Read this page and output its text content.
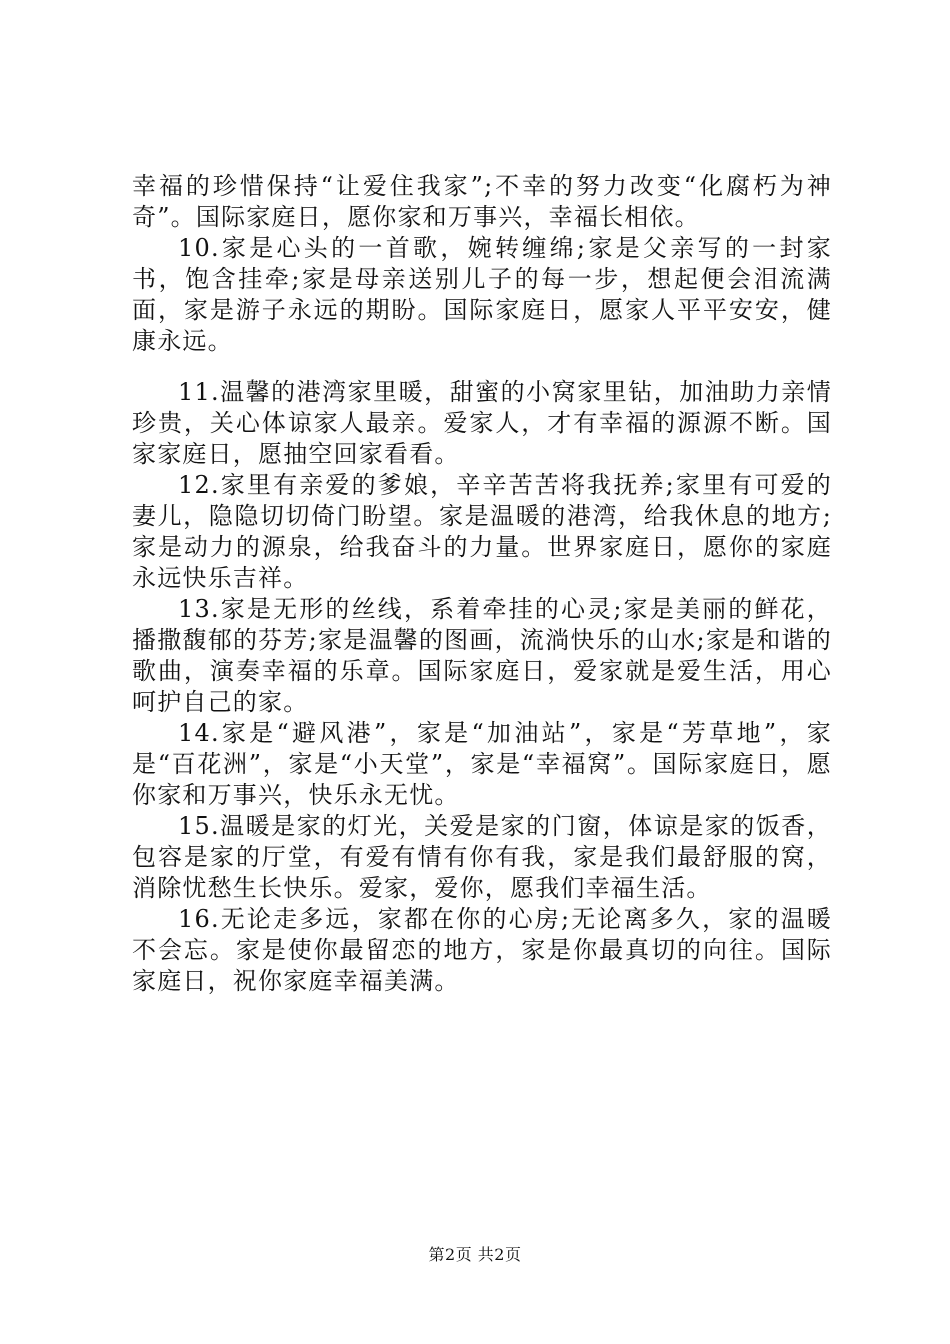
幸福的珍惜保持“让爱住我家”;不幸的努力改变“化腐朽为神奇”。国际家庭日，愿你家和万事兴，幸福长相依。

10.家是心头的一首歌，婉转缠绵;家是父亲写的一封家书，饱含挂牵;家是母亲送别儿子的每一步，想起便会泪流满面，家是游子永远的期盼。国际家庭日，愿家人平平安安，健康永远。

11.温馨的港湾家里暖，甜蜜的小窝家里钻，加油助力亲情珍贵，关心体谅家人最亲。爱家人，才有幸福的源源不断。国家家庭日，愿抽空回家看看。

12.家里有亲爱的爹娘，辛辛苦苦将我抚养;家里有可爱的妻儿，隐隐切切倚门盼望。家是温暖的港湾，给我休息的地方;家是动力的源泉，给我奋斗的力量。世界家庭日，愿你的家庭永远快乐吉祥。

13.家是无形的丝线，系着牵挂的心灵;家是美丽的鲜花，播撒馥郁的芬芳;家是温馨的图画，流淌快乐的山水;家是和谐的歌曲，演奏幸福的乐章。国际家庭日，爱家就是爱生活，用心呵护自己的家。

14.家是“避风港”，家是“加油站”，家是“芳草地”，家是“百花洲”，家是“小天堂”，家是“幸福窝”。国际家庭日，愿你家和万事兴，快乐永无忧。

15.温暖是家的灯光，关爱是家的门窗，体谅是家的饭香，包容是家的厅堂，有爱有情有你有我，家是我们最舒服的窝，消除忧愁生长快乐。爱家，爱你，愿我们幸福生活。

16.无论走多远，家都在你的心房;无论离多久，家的温暖不会忘。家是使你最留恋的地方，家是你最真切的向往。国际家庭日，祝你家庭幸福美满。

第2页 共2页
